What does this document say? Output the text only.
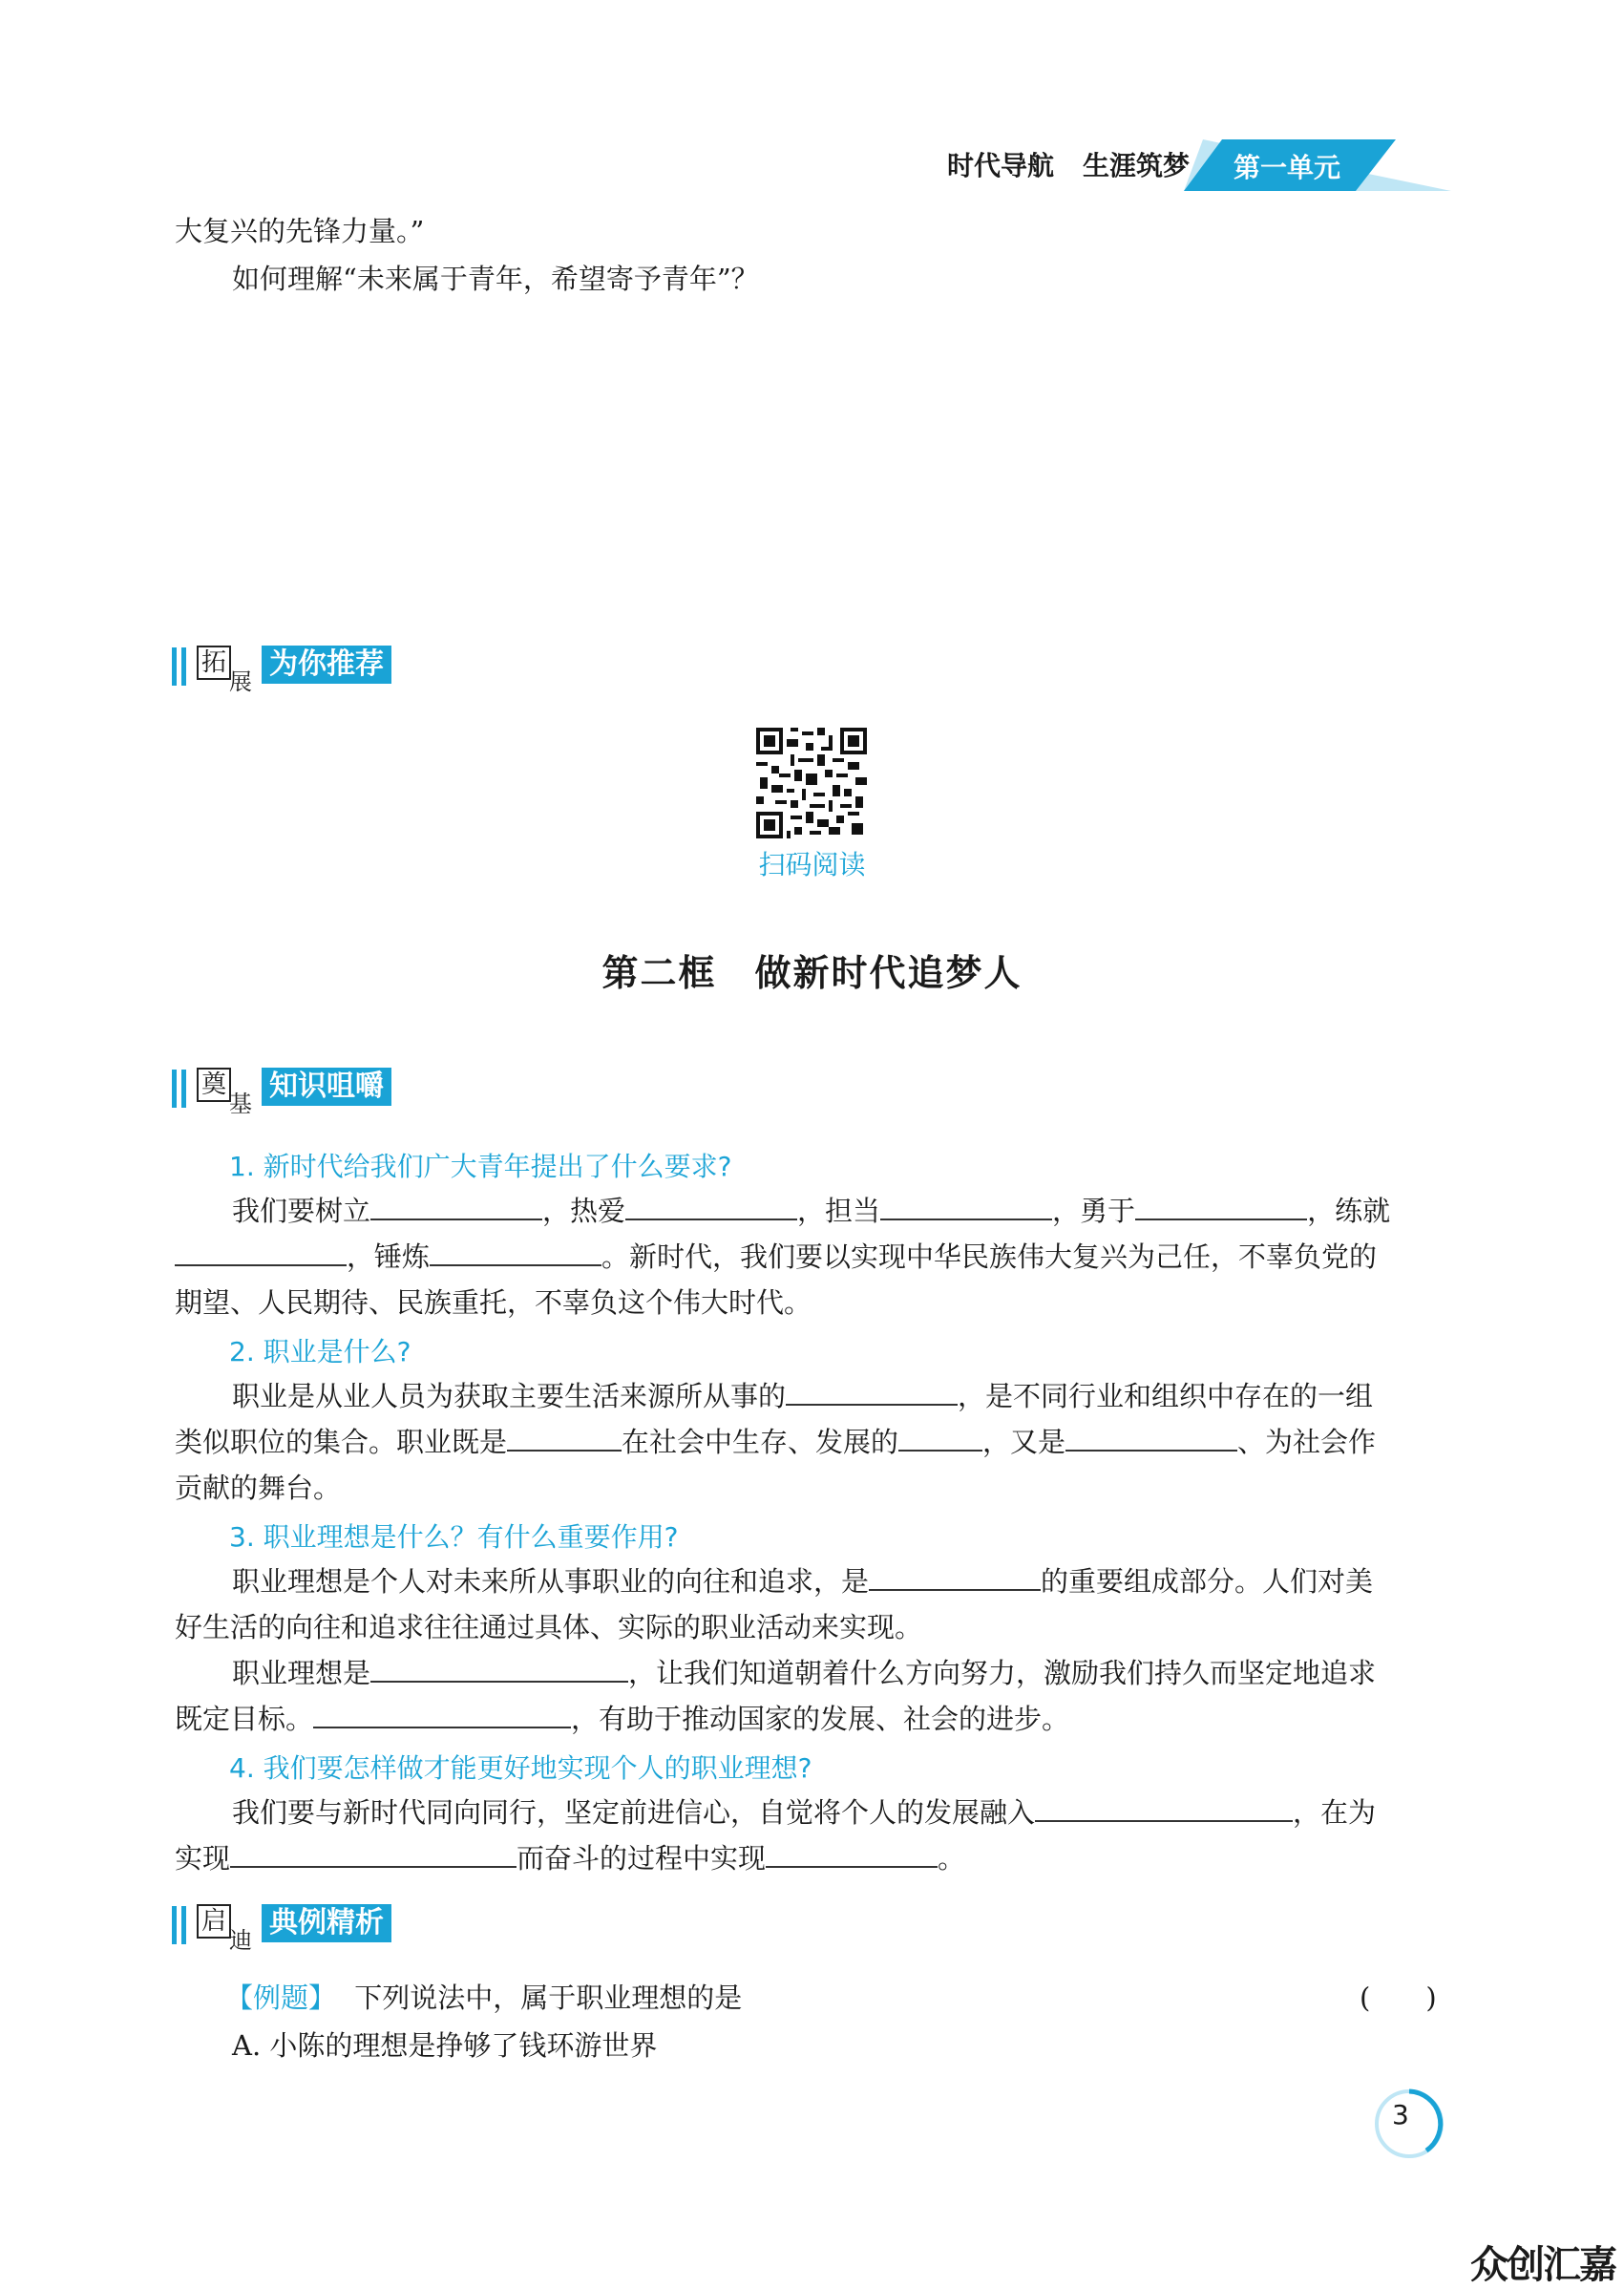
时代导航 生涯筑梦 第一单元
大复兴的先锋力量。”
如何理解“未来属于青年，希望寄予青年”？
拓
展
为你推荐
扫码阅读
第二框　做新时代追梦人
奠
基
知识咀嚼
1. 新时代给我们广大青年提出了什么要求?
我们要树立	，热爱	，担当	，勇于	，练就
，锤炼	。新时代，我们要以实现中华民族伟大复兴为己任，不辜负党的
期望、人民期待、民族重托，不辜负这个伟大时代。
2. 职业是什么?
职业是从业人员为获取主要生活来源所从事的	，是不同行业和组织中存在的一组
类似职位的集合。职业既是	在社会中生存、发展的	，又是	、为社会作
贡献的舞台。
3. 职业理想是什么？有什么重要作用?
职业理想是个人对未来所从事职业的向往和追求，是	的重要组成部分。人们对美
好生活的向往和追求往往通过具体、实际的职业活动来实现。
职业理想是	，让我们知道朝着什么方向努力，激励我们持久而坚定地追求
既定目标。	，有助于推动国家的发展、社会的进步。
4. 我们要怎样做才能更好地实现个人的职业理想?
我们要与新时代同向同行，坚定前进信心，自觉将个人的发展融入	，在为
实现	而奋斗的过程中实现	。
启
迪
典例精析
【例题】 下列说法中，属于职业理想的是	(　　)
A. 小陈的理想是挣够了钱环游世界
3
众创汇嘉
